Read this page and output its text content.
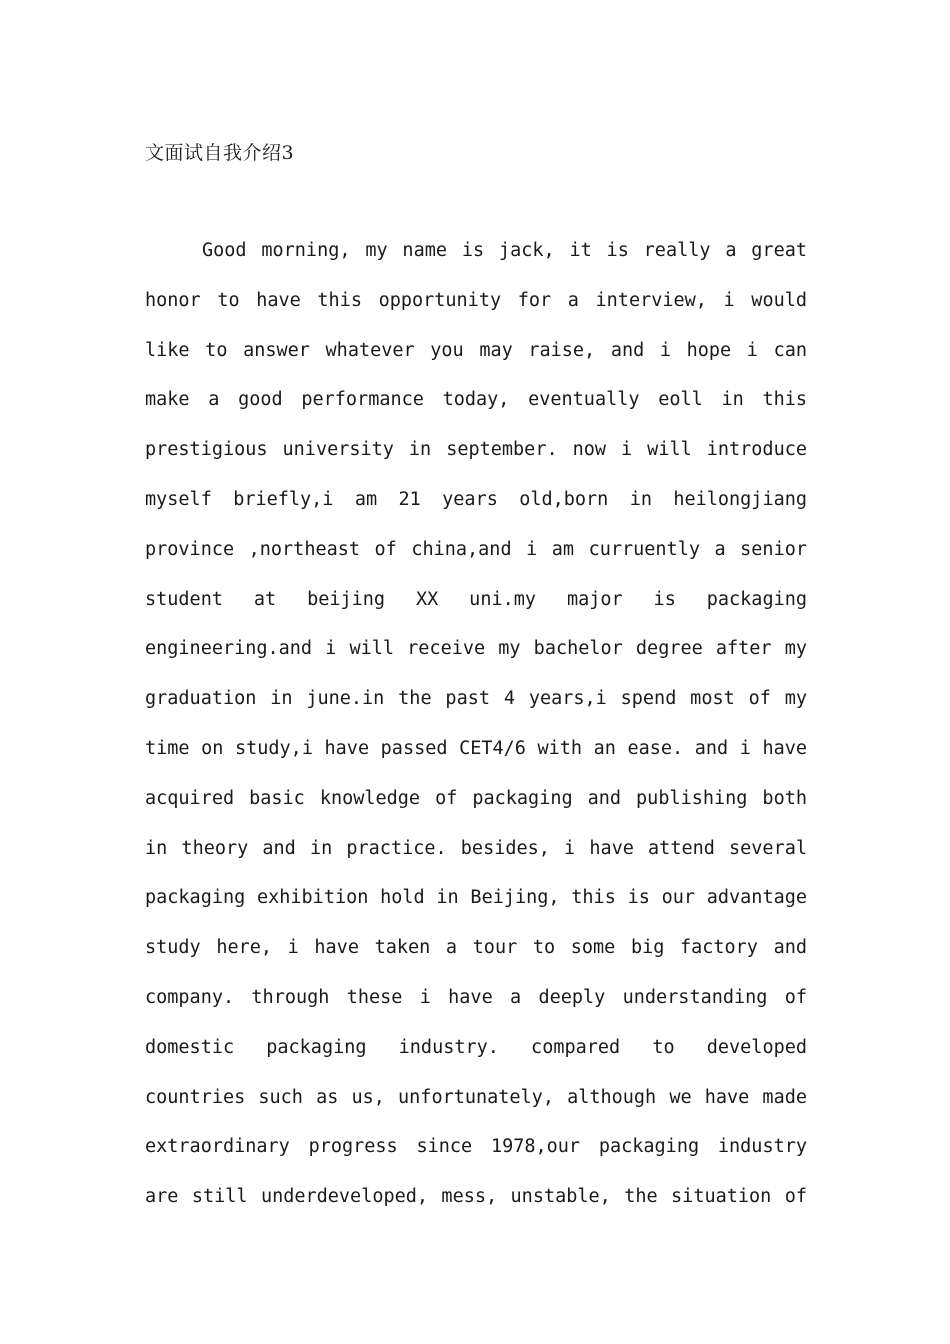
文面试自我介绍3
Good morning, my name is jack, it is really a great
honor to have this opportunity for a interview, i would
like to answer whatever you may raise, and i hope i can
make a good performance today, eventually eoll in this
prestigious university in september. now i will introduce
myself briefly,i am 21 years old,born in heilongjiang
province ,northeast of china,and i am curruently a senior
student at beijing XX uni.my major is packaging
engineering.and i will receive my bachelor degree after my
graduation in june.in the past 4 years,i spend most of my
time on study,i have passed CET4/6 with an ease. and i have
acquired basic knowledge of packaging and publishing both
in theory and in practice. besides, i have attend several
packaging exhibition hold in Beijing, this is our advantage
study here, i have taken a tour to some big factory and
company. through these i have a deeply understanding of
domestic packaging industry. compared to developed
countries such as us, unfortunately, although we have made
extraordinary progress since 1978,our packaging industry
are still underdeveloped, mess, unstable, the situation of
